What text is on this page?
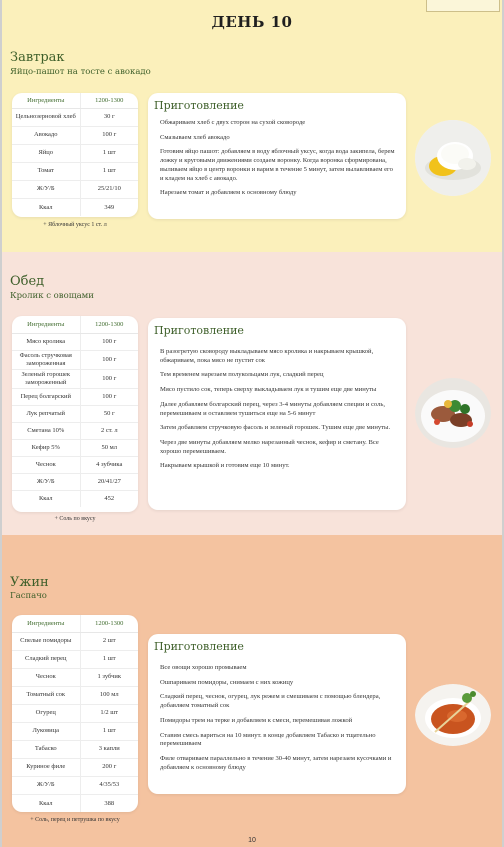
ДЕНЬ 10
Завтрак
Яйцо-пашот на тосте с авокадо
Ингредиенты	1200-1300
Цельнозерновой хлеб	30 г
Авокадо	100 г
Яйцо	1 шт
Томат	1 шт
Ж/У/Б	25/21/10
Ккал	349
+ Яблочный уксус 1 ст. л
Приготовление

Обжариваем хлеб с двух сторон на сухой сковороде

Смазываем хлеб авокадо

Готовим яйцо пашот: добавляем в воду яблочный уксус, когда вода закипела, берем ложку и круговыми движениями создаем воронку. Когда воронка сформирована, выливаем яйцо в центр воронки и варим в течение 5 минут, затем вылавливаем его и кладем на хлеб с авокадо.

Нарезаем томат и добавляем к основному блюду

Обед
Кролик с овощами
Ингредиенты	1200-1300
Мясо кролика	100 г
Фасоль стручковая замороженная	100 г
Зеленый горошек замороженный	100 г
Перец болгарский	100 г
Лук репчатый	50 г
Сметана 10%	2 ст. л
Кефир 5%	50 мл
Чеснок	4 зубчика
Ж/У/Б	20/41/27
Ккал	452
+ Соль по вкусу
Приготовление

В разогретую сковороду выкладываем мясо кролика и накрываем крышкой, обжариваем, пока мясо не пустит сок

Тем временем нарезаем полукольцами лук, сладкий перец

Мясо пустило сок, теперь сверху выкладываем лук и тушим еще две минуты

Далее добавляем болгарский перец, через 3-4 минуты добавляем специи и соль, перемешиваем и оставляем тушиться еще на 5-6 минут

Затем добавляем стручковую фасоль и зеленый горошек. Тушим еще две минуты.

Через две минуты добавляем мелко нарезанный чеснок, кефир и сметану. Все хорошо перемешиваем.

Накрываем крышкой и готовим еще 10 минут.

Ужин
Гаспачо
Ингредиенты	1200-1300
Спелые помидоры	2 шт
Сладкий перец	1 шт
Чеснок	1 зубчик
Томатный сок	100 мл
Огурец	1/2 шт
Луковица	1 шт
Табаско	3 капли
Куриное филе	200 г
Ж/У/Б	4/35/53
Ккал	388
+ Соль, перец и петрушка по вкусу
Приготовление

Все овощи хорошо промываем

Ошпариваем помидоры, снимаем с них кожицу

Сладкий перец, чеснок, огурец, лук режем и смешиваем с помощью блендера, добавляем томатный сок

Помидоры трем на терке и добавляем к смеси, перемешивая ложкой

Ставим смесь вариться на 10 минут. в конце добавляем Табаско и тщательно перемешиваем

Филе отвариваем параллельно в течение 30-40 минут, затем нарезаем кусочками и добавляем к основному блюду

10
